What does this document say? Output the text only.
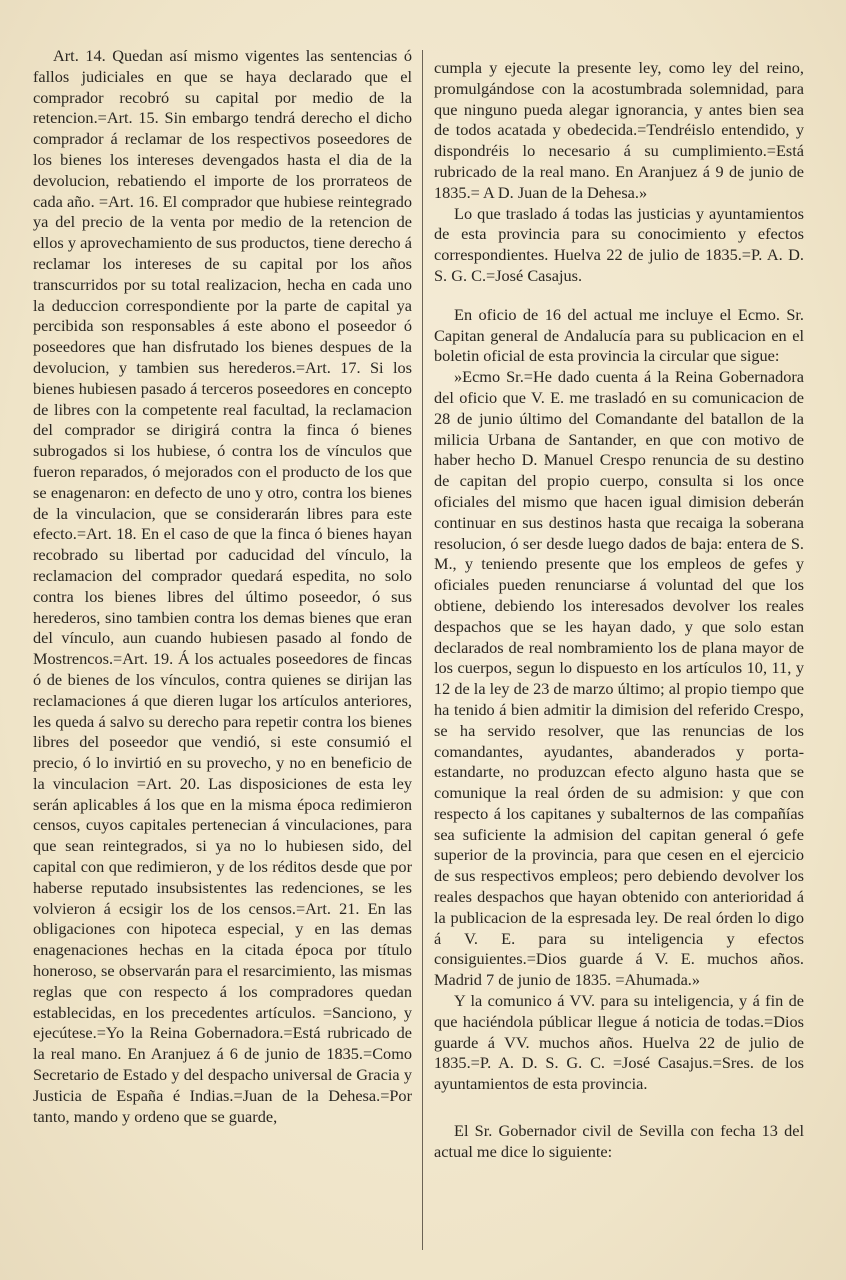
Art. 14. Quedan así mismo vigentes las sentencias ó fallos judiciales en que se haya declarado que el comprador recobró su capital por medio de la retencion.=Art. 15. Sin embargo tendrá derecho el dicho comprador á reclamar de los respectivos poseedores de los bienes los intereses devengados hasta el dia de la devolucion, rebatiendo el importe de los prorrateos de cada año. =Art. 16. El comprador que hubiese reintegrado ya del precio de la venta por medio de la retencion de ellos y aprovechamiento de sus productos, tiene derecho á reclamar los intereses de su capital por los años transcurridos por su total realizacion, hecha en cada uno la deduccion correspondiente por la parte de capital ya percibida son responsables á este abono el poseedor ó poseedores que han disfrutado los bienes despues de la devolucion, y tambien sus herederos.=Art. 17. Si los bienes hubiesen pasado á terceros poseedores en concepto de libres con la competente real facultad, la reclamacion del comprador se dirigirá contra la finca ó bienes subrogados si los hubiese, ó contra los de vínculos que fueron reparados, ó mejorados con el producto de los que se enagenaron: en defecto de uno y otro, contra los bienes de la vinculacion, que se considerarán libres para este efecto.=Art. 18. En el caso de que la finca ó bienes hayan recobrado su libertad por caducidad del vínculo, la reclamacion del comprador quedará espedita, no solo contra los bienes libres del último poseedor, ó sus herederos, sino tambien contra los demas bienes que eran del vínculo, aun cuando hubiesen pasado al fondo de Mostrencos.=Art. 19. Á los actuales poseedores de fincas ó de bienes de los vínculos, contra quienes se dirijan las reclamaciones á que dieren lugar los artículos anteriores, les queda á salvo su derecho para repetir contra los bienes libres del poseedor que vendió, si este consumió el precio, ó lo invirtió en su provecho, y no en beneficio de la vinculacion =Art. 20. Las disposiciones de esta ley serán aplicables á los que en la misma época redimieron censos, cuyos capitales pertenecian á vinculaciones, para que sean reintegrados, si ya no lo hubiesen sido, del capital con que redimieron, y de los réditos desde que por haberse reputado insubsistentes las redenciones, se les volvieron á ecsigir los de los censos.=Art. 21. En las obligaciones con hipoteca especial, y en las demas enagenaciones hechas en la citada época por título honeroso, se observarán para el resarcimiento, las mismas reglas que con respecto á los compradores quedan establecidas, en los precedentes artículos. =Sanciono, y ejecútese.=Yo la Reina Gobernadora.=Está rubricado de la real mano. En Aranjuez á 6 de junio de 1835.=Como Secretario de Estado y del despacho universal de Gracia y Justicia de España é Indias.=Juan de la Dehesa.=Por tanto, mando y ordeno que se guarde,

cumpla y ejecute la presente ley, como ley del reino, promulgándose con la acostumbrada solemnidad, para que ninguno pueda alegar ignorancia, y antes bien sea de todos acatada y obedecida.=Tendréislo entendido, y dispondréis lo necesario á su cumplimiento.=Está rubricado de la real mano. En Aranjuez á 9 de junio de 1835.= A D. Juan de la Dehesa.»

Lo que traslado á todas las justicias y ayuntamientos de esta provincia para su conocimiento y efectos correspondientes. Huelva 22 de julio de 1835.=P. A. D. S. G. C.=José Casajus.

En oficio de 16 del actual me incluye el Ecmo. Sr. Capitan general de Andalucía para su publicacion en el boletin oficial de esta provincia la circular que sigue:

»Ecmo Sr.=He dado cuenta á la Reina Gobernadora del oficio que V. E. me trasladó en su comunicacion de 28 de junio último del Comandante del batallon de la milicia Urbana de Santander, en que con motivo de haber hecho D. Manuel Crespo renuncia de su destino de capitan del propio cuerpo, consulta si los once oficiales del mismo que hacen igual dimision deberán continuar en sus destinos hasta que recaiga la soberana resolucion, ó ser desde luego dados de baja: entera de S. M., y teniendo presente que los empleos de gefes y oficiales pueden renunciarse á voluntad del que los obtiene, debiendo los interesados devolver los reales despachos que se les hayan dado, y que solo estan declarados de real nombramiento los de plana mayor de los cuerpos, segun lo dispuesto en los artículos 10, 11, y 12 de la ley de 23 de marzo último; al propio tiempo que ha tenido á bien admitir la dimision del referido Crespo, se ha servido resolver, que las renuncias de los comandantes, ayudantes, abanderados y porta-estandarte, no produzcan efecto alguno hasta que se comunique la real órden de su admision: y que con respecto á los capitanes y subalternos de las compañías sea suficiente la admision del capitan general ó gefe superior de la provincia, para que cesen en el ejercicio de sus respectivos empleos; pero debiendo devolver los reales despachos que hayan obtenido con anterioridad á la publicacion de la espresada ley. De real órden lo digo á V. E. para su inteligencia y efectos consiguientes.=Dios guarde á V. E. muchos años. Madrid 7 de junio de 1835. =Ahumada.»

Y la comunico á VV. para su inteligencia, y á fin de que haciéndola públicar llegue á noticia de todas.=Dios guarde á VV. muchos años. Huelva 22 de julio de 1835.=P. A. D. S. G. C. =José Casajus.=Sres. de los ayuntamientos de esta provincia.

El Sr. Gobernador civil de Sevilla con fecha 13 del actual me dice lo siguiente:
